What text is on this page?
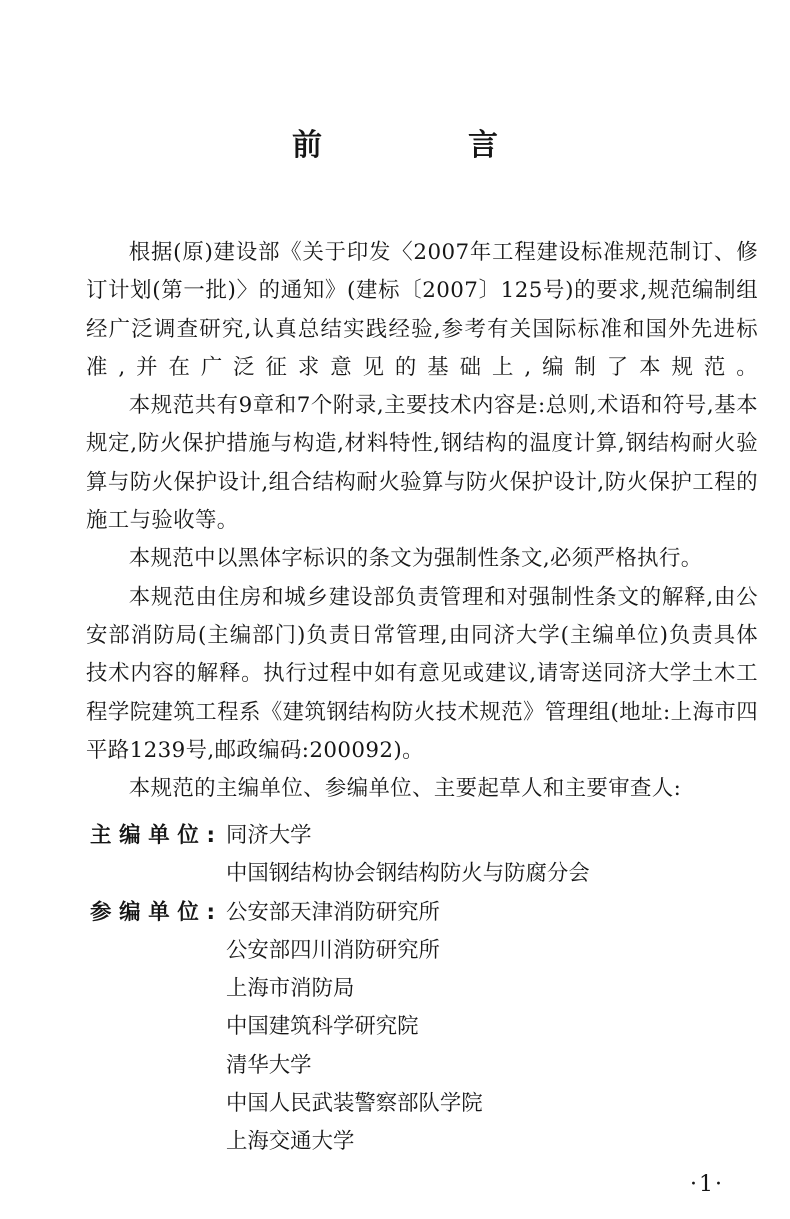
前　言

根据(原)建设部《关于印发〈2007年工程建设标准规范制订、修订计划(第一批)〉的通知》(建标〔2007〕125号)的要求,规范编制组经广泛调查研究,认真总结实践经验,参考有关国际标准和国外先进标准,并在广泛征求意见的基础上,编制了本规范。

本规范共有9章和7个附录,主要技术内容是:总则,术语和符号,基本规定,防火保护措施与构造,材料特性,钢结构的温度计算,钢结构耐火验算与防火保护设计,组合结构耐火验算与防火保护设计,防火保护工程的施工与验收等。

本规范中以黑体字标识的条文为强制性条文,必须严格执行。

本规范由住房和城乡建设部负责管理和对强制性条文的解释,由公安部消防局(主编部门)负责日常管理,由同济大学(主编单位)负责具体技术内容的解释。执行过程中如有意见或建议,请寄送同济大学土木工程学院建筑工程系《建筑钢结构防火技术规范》管理组(地址:上海市四平路1239号,邮政编码:200092)。

本规范的主编单位、参编单位、主要起草人和主要审查人:

主编单位: 同济大学
中国钢结构协会钢结构防火与防腐分会
参编单位: 公安部天津消防研究所
公安部四川消防研究所
上海市消防局
中国建筑科学研究院
清华大学
中国人民武装警察部队学院
上海交通大学
·1·
